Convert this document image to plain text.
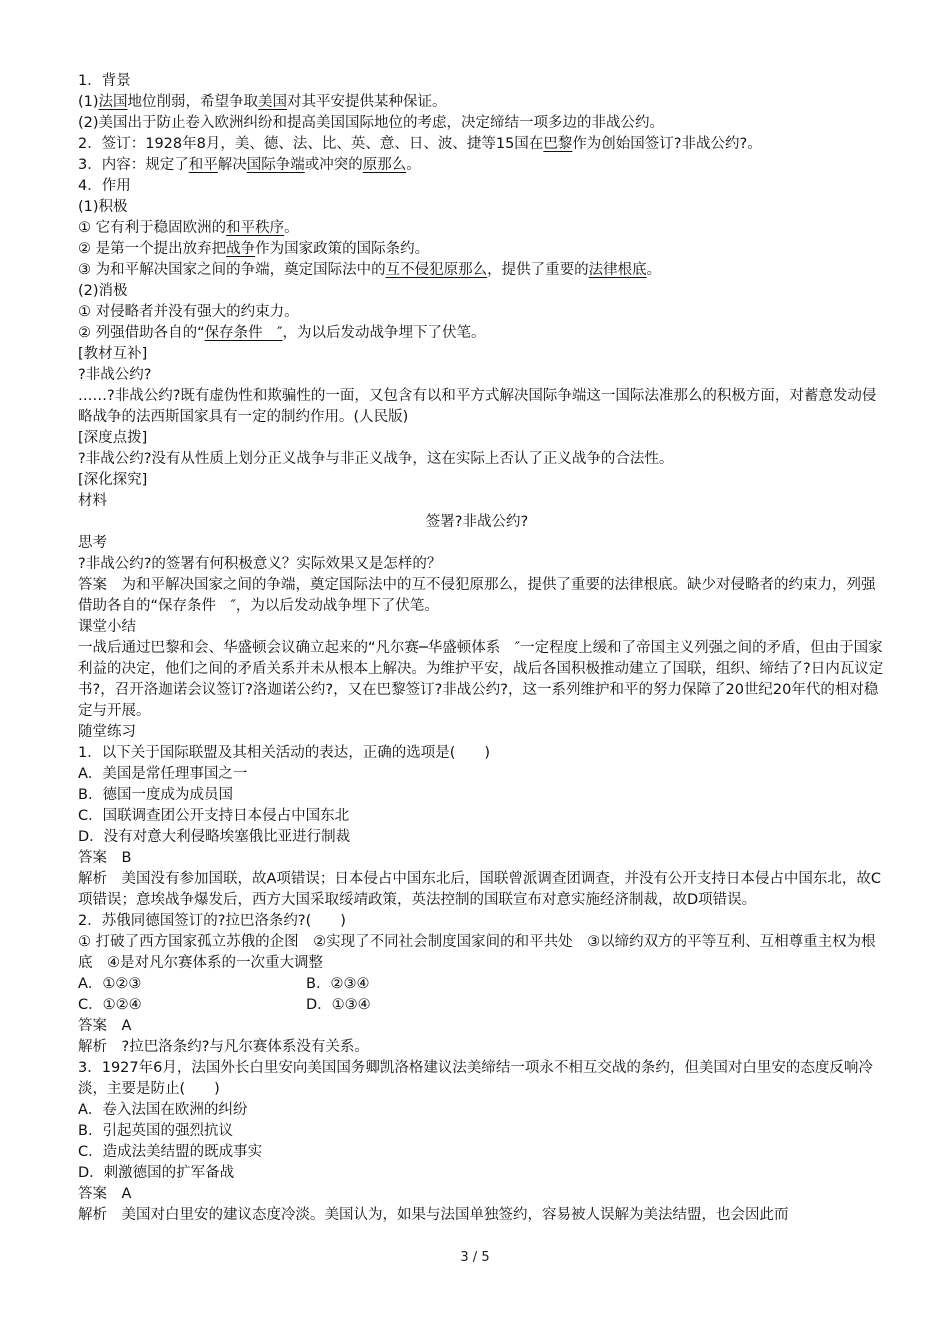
1．背景
(1)法国地位削弱，希望争取美国对其平安提供某种保证。
(2)美国出于防止卷入欧洲纠纷和提高美国国际地位的考虑，决定缔结一项多边的非战公约。
2．签订：1928年8月，美、德、法、比、英、意、日、波、捷等15国在巴黎作为创始国签订?非战公约?。
3．内容：规定了和平解决国际争端或冲突的原那么。
4．作用
(1)积极
① 它有利于稳固欧洲的和平秩序。
② 是第一个提出放弃把战争作为国家政策的国际条约。
③ 为和平解决国家之间的争端，奠定国际法中的互不侵犯原那么，提供了重要的法律根底。
(2)消极
① 对侵略者并没有强大的约束力。
② 列强借助各自的“保存条件　″，为以后发动战争埋下了伏笔。
[教材互补]
?非战公约?
……?非战公约?既有虚伪性和欺骗性的一面，又包含有以和平方式解决国际争端这一国际法准那么的积极方面，对蓄意发动侵略战争的法西斯国家具有一定的制约作用。(人民版)
[深度点拨]
?非战公约?没有从性质上划分正义战争与非正义战争，这在实际上否认了正义战争的合法性。
[深化探究]
材料
签署?非战公约?
思考
?非战公约?的签署有何积极意义？实际效果又是怎样的？
答案　为和平解决国家之间的争端，奠定国际法中的互不侵犯原那么，提供了重要的法律根底。缺少对侵略者的约束力，列强借助各自的“保存条件　″，为以后发动战争埋下了伏笔。
课堂小结
一战后通过巴黎和会、华盛顿会议确立起来的“凡尔赛─华盛顿体系　″一定程度上缓和了帝国主义列强之间的矛盾，但由于国家利益的决定，他们之间的矛盾关系并未从根本上解决。为维护平安，战后各国积极推动建立了国联，组织、缔结了?日内瓦议定书?，召开洛迦诺会议签订?洛迦诺公约?，又在巴黎签订?非战公约?，这一系列维护和平的努力保障了20世纪20年代的相对稳定与开展。
随堂练习
1．以下关于国际联盟及其相关活动的表达，正确的选项是(　　)
A．美国是常任理事国之一
B．德国一度成为成员国
C．国联调查团公开支持日本侵占中国东北
D．没有对意大利侵略埃塞俄比亚进行制裁
答案　B
解析　美国没有参加国联，故A项错误；日本侵占中国东北后，国联曾派调查团调查，并没有公开支持日本侵占中国东北，故C项错误；意埃战争爆发后，西方大国采取绥靖政策，英法控制的国联宣布对意实施经济制裁，故D项错误。
2．苏俄同德国签订的?拉巴洛条约?(　　)
① 打破了西方国家孤立苏俄的企图　②实现了不同社会制度国家间的和平共处　③以缔约双方的平等互利、互相尊重主权为根底　④是对凡尔赛体系的一次重大调整
A．①②③	B．②③④
C．①②④	D．①③④
答案　A
解析　?拉巴洛条约?与凡尔赛体系没有关系。
3．1927年6月，法国外长白里安向美国国务卿凯洛格建议法美缔结一项永不相互交战的条约，但美国对白里安的态度反响冷淡，主要是防止(　　)
A．卷入法国在欧洲的纠纷
B．引起英国的强烈抗议
C．造成法美结盟的既成事实
D．刺激德国的扩军备战
答案　A
解析　美国对白里安的建议态度冷淡。美国认为，如果与法国单独签约，容易被人误解为美法结盟，也会因此而
3 / 5
